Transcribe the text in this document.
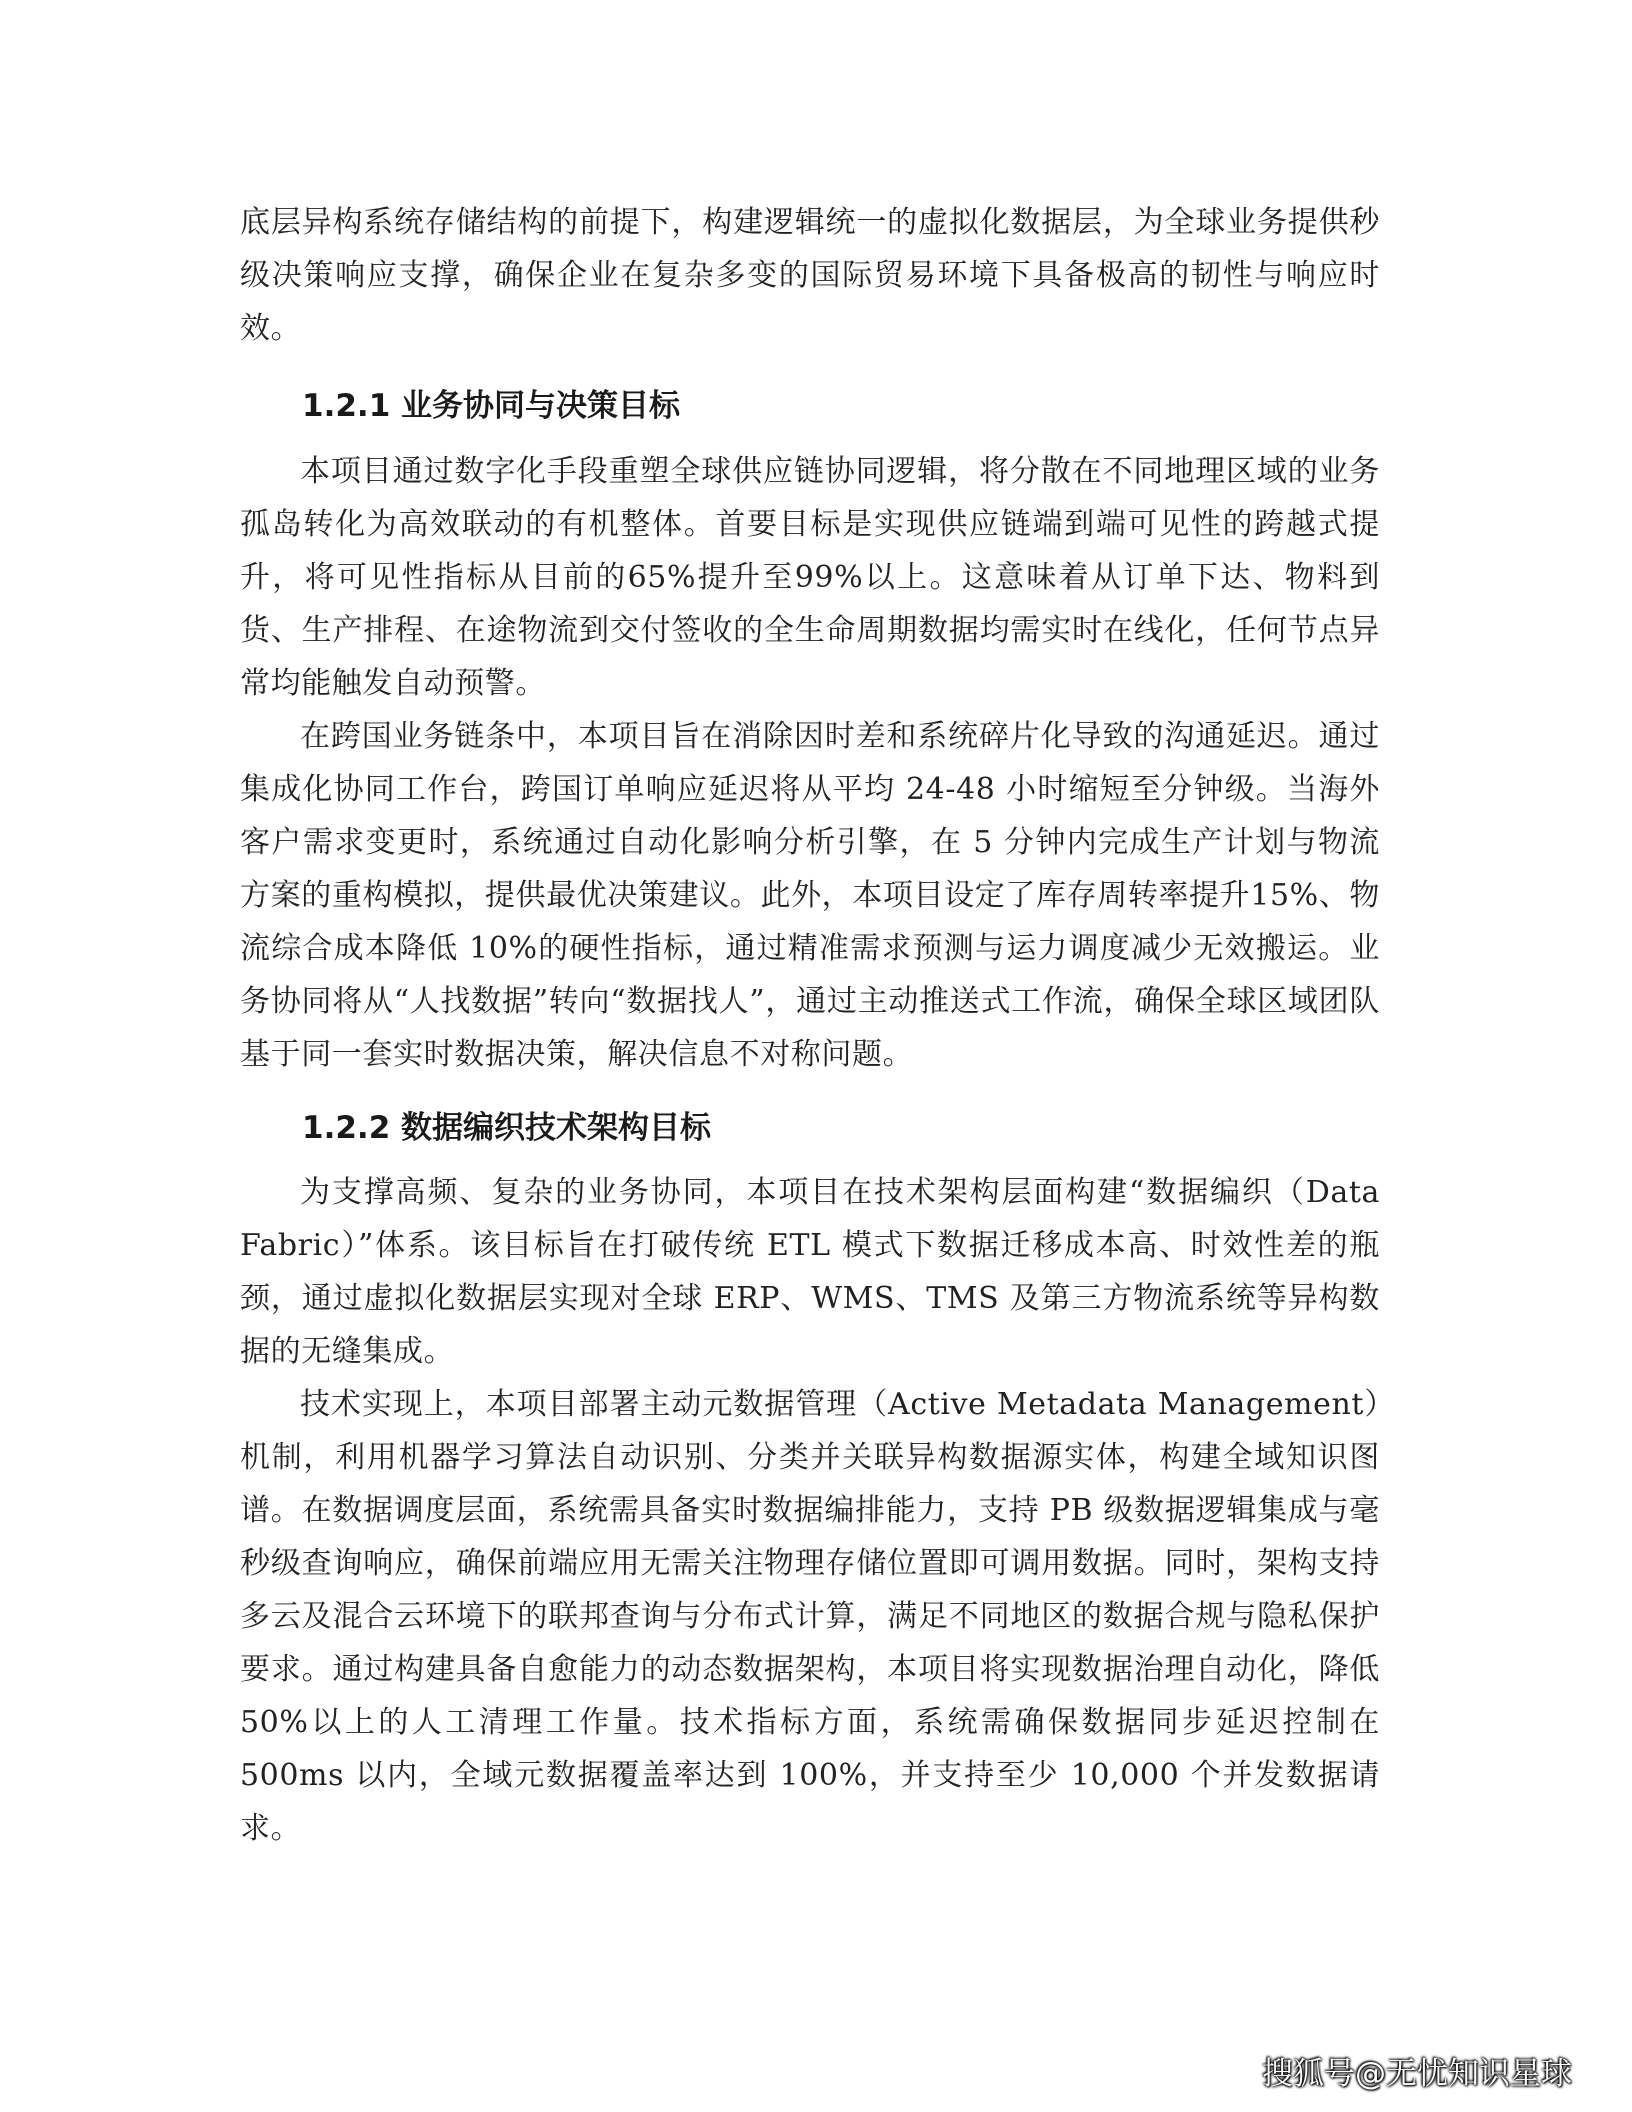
底层异构系统存储结构的前提下，构建逻辑统一的虚拟化数据层，为全球业务提供秒级决策响应支撑，确保企业在复杂多变的国际贸易环境下具备极高的韧性与响应时效。

1.2.1 业务协同与决策目标

本项目通过数字化手段重塑全球供应链协同逻辑，将分散在不同地理区域的业务孤岛转化为高效联动的有机整体。首要目标是实现供应链端到端可见性的跨越式提升，将可见性指标从目前的65%提升至99%以上。这意味着从订单下达、物料到货、生产排程、在途物流到交付签收的全生命周期数据均需实时在线化，任何节点异常均能触发自动预警。

在跨国业务链条中，本项目旨在消除因时差和系统碎片化导致的沟通延迟。通过集成化协同工作台，跨国订单响应延迟将从平均 24-48 小时缩短至分钟级。当海外客户需求变更时，系统通过自动化影响分析引擎，在 5 分钟内完成生产计划与物流方案的重构模拟，提供最优决策建议。此外，本项目设定了库存周转率提升15%、物流综合成本降低 10%的硬性指标，通过精准需求预测与运力调度减少无效搬运。业务协同将从“人找数据”转向“数据找人”，通过主动推送式工作流，确保全球区域团队基于同一套实时数据决策，解决信息不对称问题。

1.2.2 数据编织技术架构目标

为支撑高频、复杂的业务协同，本项目在技术架构层面构建“数据编织（Data Fabric）”体系。该目标旨在打破传统 ETL 模式下数据迁移成本高、时效性差的瓶颈，通过虚拟化数据层实现对全球 ERP、WMS、TMS 及第三方物流系统等异构数据的无缝集成。

技术实现上，本项目部署主动元数据管理（Active Metadata Management）机制，利用机器学习算法自动识别、分类并关联异构数据源实体，构建全域知识图谱。在数据调度层面，系统需具备实时数据编排能力，支持 PB 级数据逻辑集成与毫秒级查询响应，确保前端应用无需关注物理存储位置即可调用数据。同时，架构支持多云及混合云环境下的联邦查询与分布式计算，满足不同地区的数据合规与隐私保护要求。通过构建具备自愈能力的动态数据架构，本项目将实现数据治理自动化，降低 50%以上的人工清理工作量。技术指标方面，系统需确保数据同步延迟控制在 500ms 以内，全域元数据覆盖率达到 100%，并支持至少 10,000 个并发数据请求。

搜狐号@无忧知识星球
